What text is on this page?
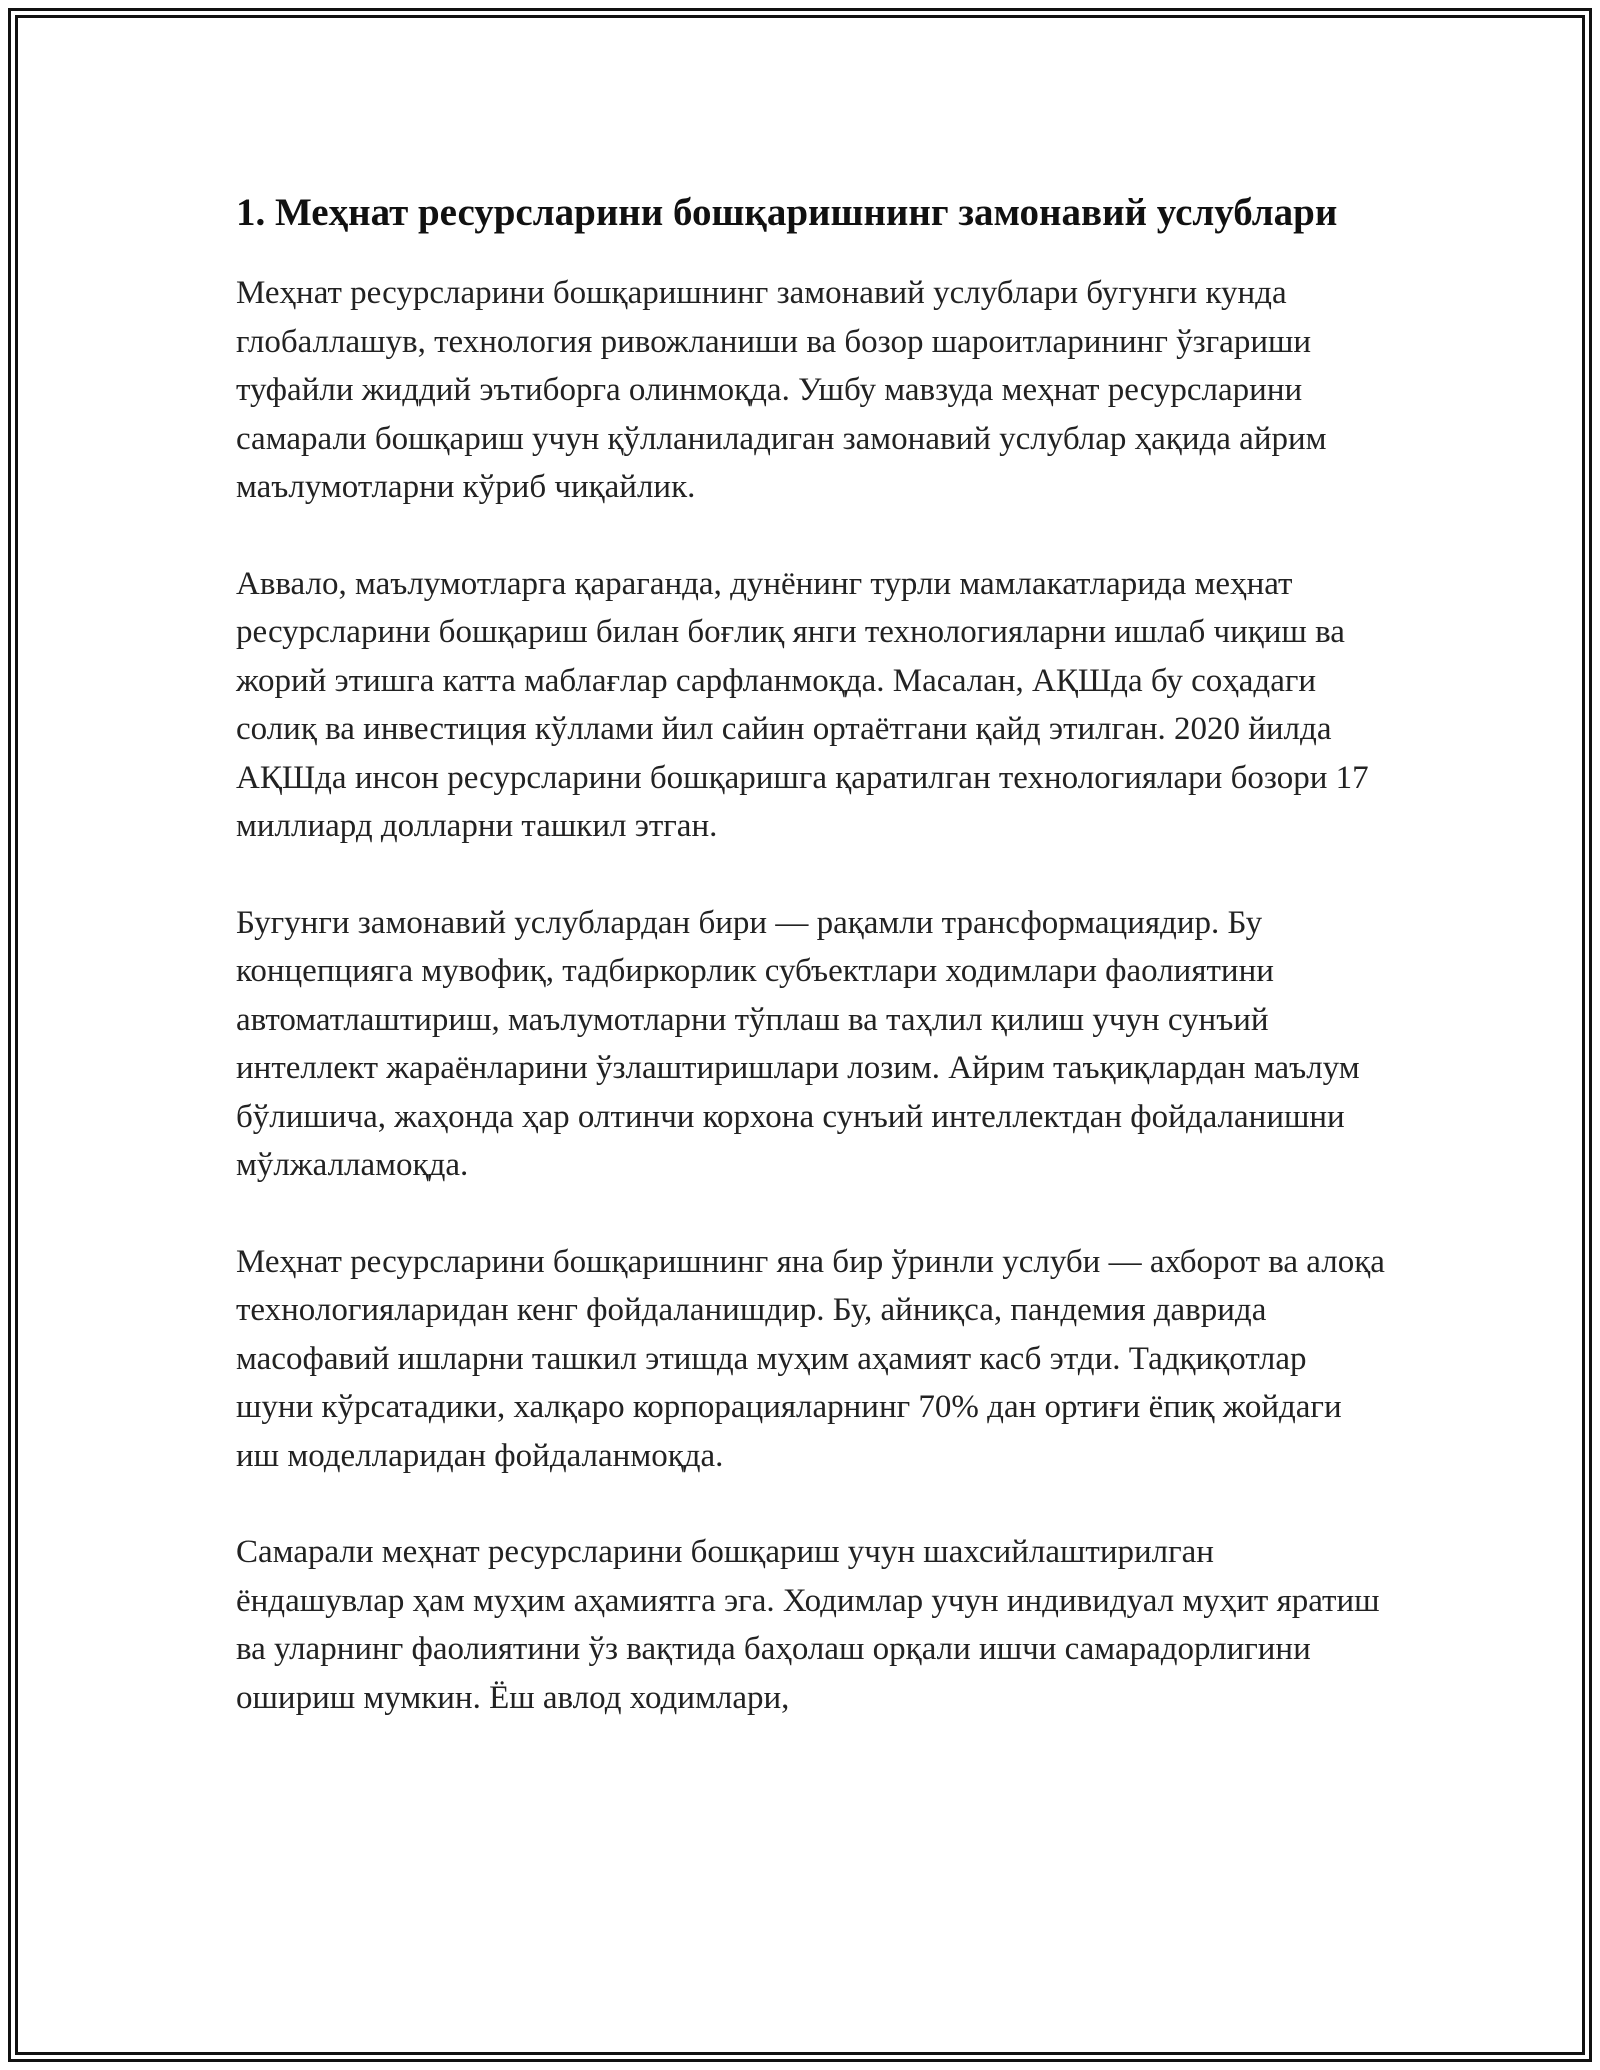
1. Меҳнат ресурсларини бошқаришнинг замонавий услублари

Меҳнат ресурсларини бошқаришнинг замонавий услублари бугунги кунда глобаллашув, технология ривожланиши ва бозор шароитларининг ўзгариши туфайли жиддий эътиборга олинмоқда. Ушбу мавзуда меҳнат ресурсларини самарали бошқариш учун қўлланиладиган замонавий услублар ҳақида айрим маълумотларни кўриб чиқайлик.

Аввало, маълумотларга қараганда, дунёнинг турли мамлакатларида меҳнат ресурсларини бошқариш билан боғлиқ янги технологияларни ишлаб чиқиш ва жорий этишга катта маблағлар сарфланмоқда. Масалан, АҚШда бу соҳадаги солиқ ва инвестиция кўллами йил сайин ортаётгани қайд этилган. 2020 йилда АҚШда инсон ресурсларини бошқаришга қаратилган технологиялари бозори 17 миллиард долларни ташкил этган.

Бугунги замонавий услублардан бири — рақамли трансформациядир. Бу концепцияга мувофиқ, тадбиркорлик субъектлари ходимлари фаолиятини автоматлаштириш, маълумотларни тўплаш ва таҳлил қилиш учун сунъий интеллект жараёнларини ўзлаштиришлари лозим. Айрим таъқиқлардан маълум бўлишича, жаҳонда ҳар олтинчи корхона сунъий интеллектдан фойдаланишни мўлжалламоқда.

Меҳнат ресурсларини бошқаришнинг яна бир ўринли услуби — ахборот ва алоқа технологияларидан кенг фойдаланишдир. Бу, айниқса, пандемия даврида масофавий ишларни ташкил этишда муҳим аҳамият касб этди. Тадқиқотлар шуни кўрсатадики, халқаро корпорацияларнинг 70% дан ортиғи ёпиқ жойдаги иш моделларидан фойдаланмоқда.

Самарали меҳнат ресурсларини бошқариш учун шахсийлаштирилган ёндашувлар ҳам муҳим аҳамиятга эга. Ходимлар учун индивидуал муҳит яратиш ва уларнинг фаолиятини ўз вақтида баҳолаш орқали ишчи самарадорлигини ошириш мумкин. Ёш авлод ходимлари,
